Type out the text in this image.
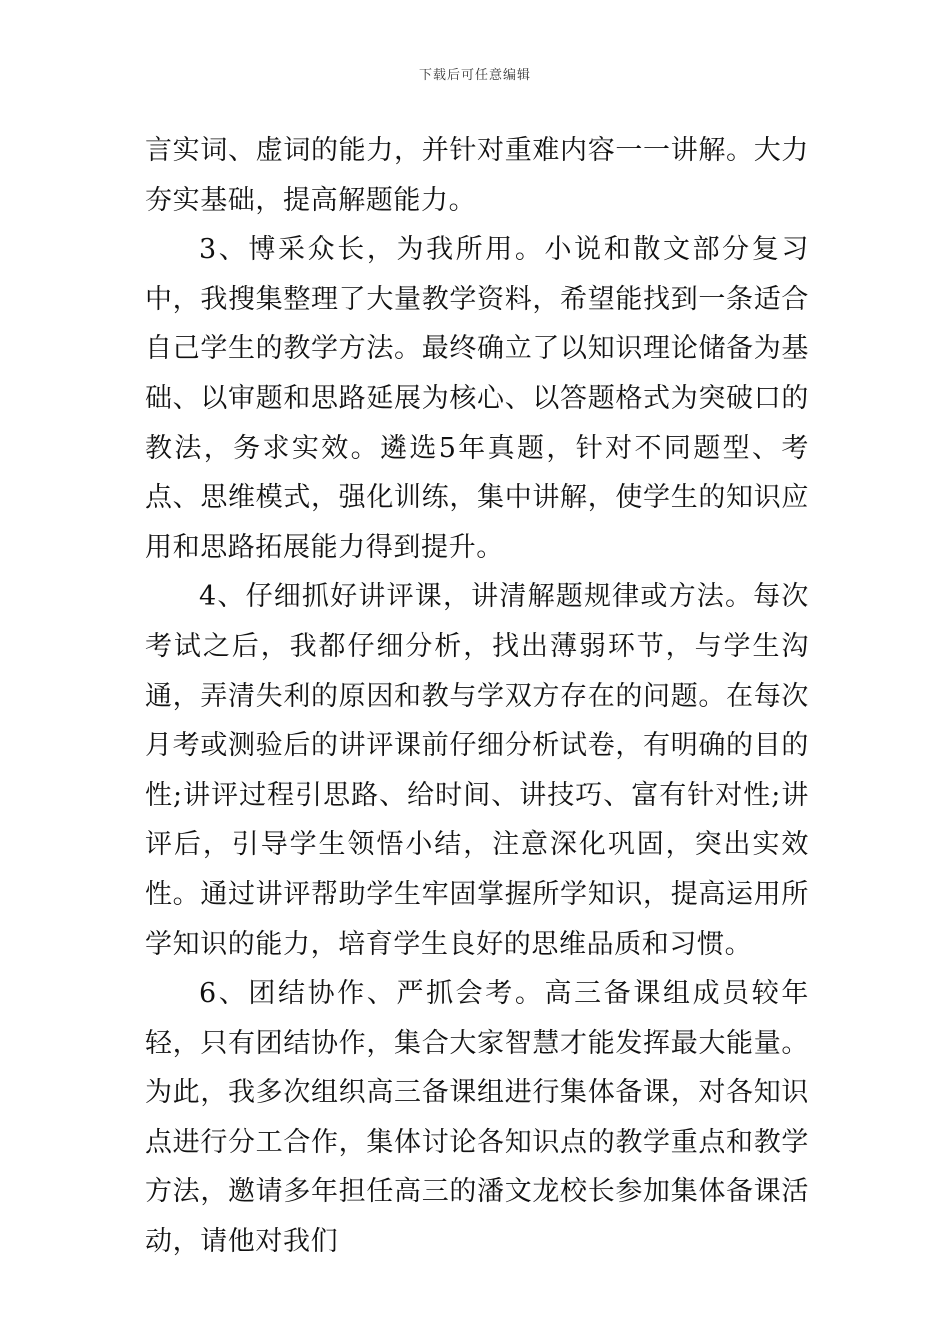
下载后可任意编辑

言实词、虚词的能力，并针对重难内容一一讲解。大力夯实基础，提高解题能力。

3、博采众长，为我所用。小说和散文部分复习中，我搜集整理了大量教学资料，希望能找到一条适合自己学生的教学方法。最终确立了以知识理论储备为基础、以审题和思路延展为核心、以答题格式为突破口的教法，务求实效。遴选5年真题，针对不同题型、考点、思维模式，强化训练，集中讲解，使学生的知识应用和思路拓展能力得到提升。

4、仔细抓好讲评课，讲清解题规律或方法。每次考试之后，我都仔细分析，找出薄弱环节，与学生沟通，弄清失利的原因和教与学双方存在的问题。在每次月考或测验后的讲评课前仔细分析试卷，有明确的目的性;讲评过程引思路、给时间、讲技巧、富有针对性;讲评后，引导学生领悟小结，注意深化巩固，突出实效性。通过讲评帮助学生牢固掌握所学知识，提高运用所学知识的能力，培育学生良好的思维品质和习惯。

6、团结协作、严抓会考。高三备课组成员较年轻，只有团结协作，集合大家智慧才能发挥最大能量。为此，我多次组织高三备课组进行集体备课，对各知识点进行分工合作，集体讨论各知识点的教学重点和教学方法，邀请多年担任高三的潘文龙校长参加集体备课活动，请他对我们
